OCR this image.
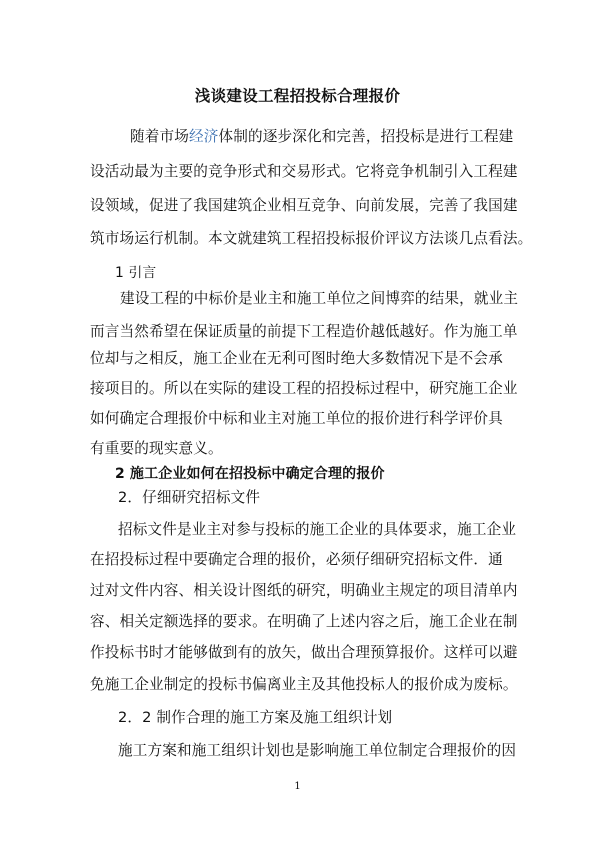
浅谈建设工程招投标合理报价
随着市场经济体制的逐步深化和完善，招投标是进行工程建
设活动最为主要的竞争形式和交易形式。它将竞争机制引入工程建
设领域，促进了我国建筑企业相互竞争、向前发展，完善了我国建
筑市场运行机制。本文就建筑工程招投标报价评议方法谈几点看法。
1 引言
建设工程的中标价是业主和施工单位之间博弈的结果，就业主
而言当然希望在保证质量的前提下工程造价越低越好。作为施工单
位却与之相反，施工企业在无利可图时绝大多数情况下是不会承
接项目的。所以在实际的建设工程的招投标过程中，研究施工企业
如何确定合理报价中标和业主对施工单位的报价进行科学评价具
有重要的现实意义。
2 施工企业如何在招投标中确定合理的报价
2．仔细研究招标文件
招标文件是业主对参与投标的施工企业的具体要求，施工企业
在招投标过程中要确定合理的报价，必须仔细研究招标文件．通
过对文件内容、相关设计图纸的研究，明确业主规定的项目清单内
容、相关定额选择的要求。在明确了上述内容之后，施工企业在制
作投标书时才能够做到有的放矢，做出合理预算报价。这样可以避
免施工企业制定的投标书偏离业主及其他投标人的报价成为废标。
2．2 制作合理的施工方案及施工组织计划
施工方案和施工组织计划也是影响施工单位制定合理报价的因
1
